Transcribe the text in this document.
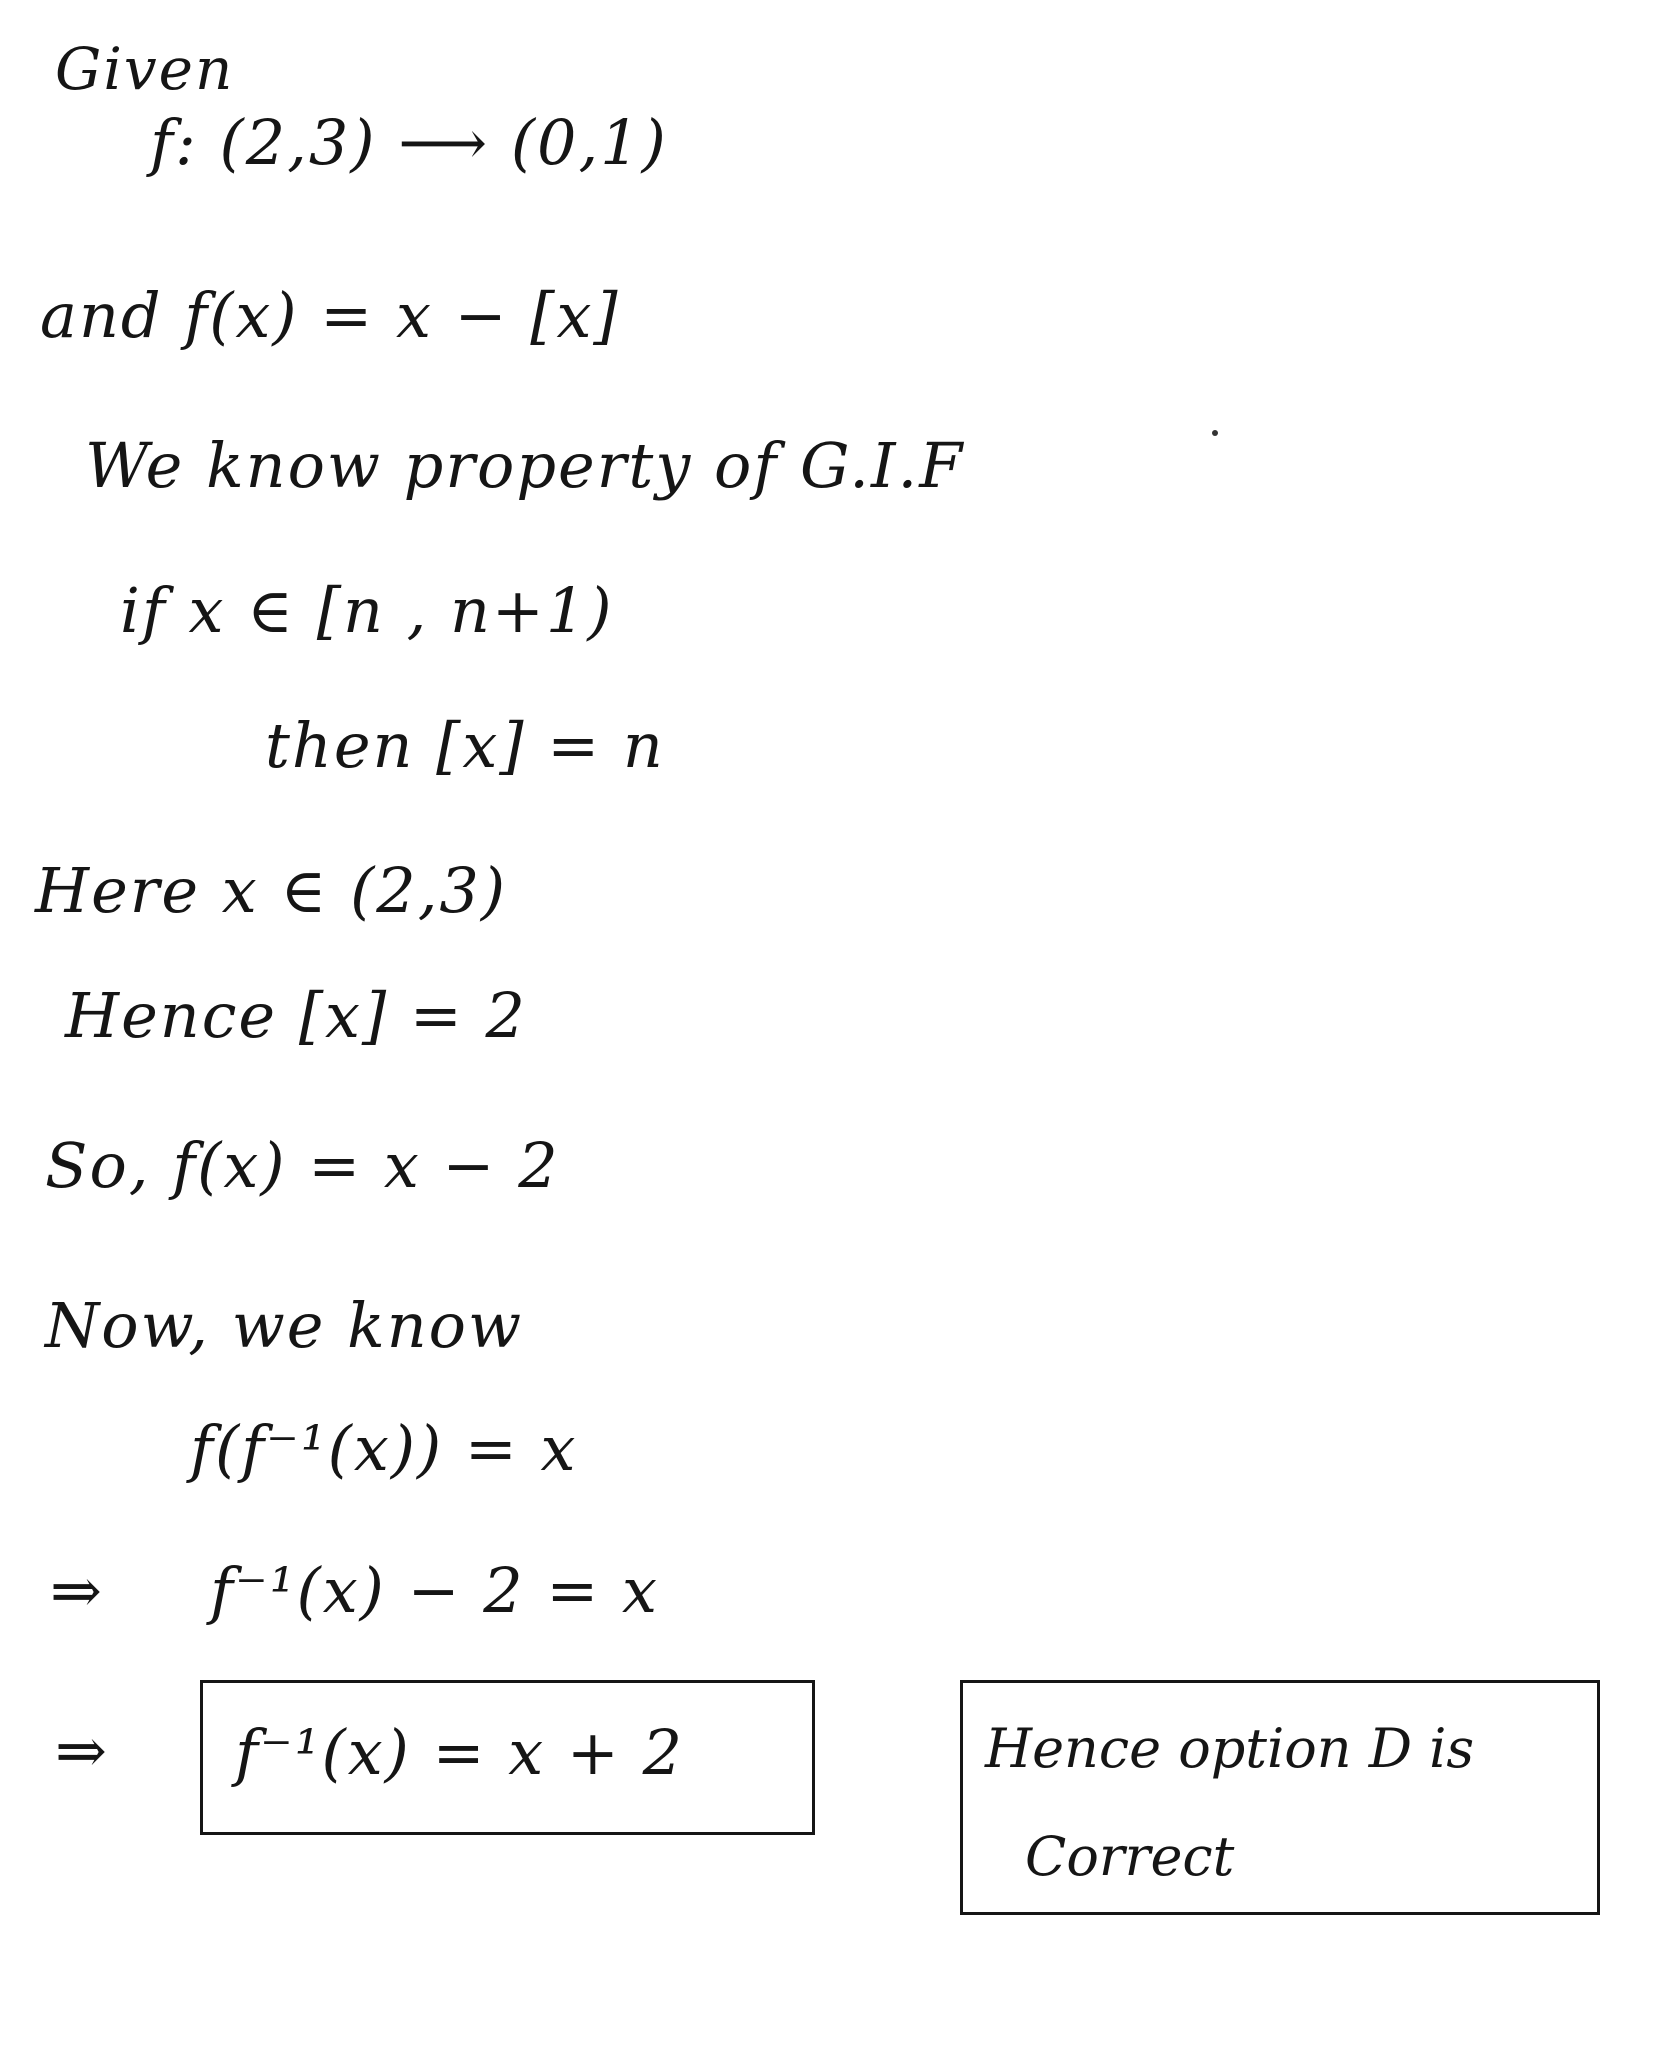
Given
f: (2,3) ⟶ (0,1)
and f(x) = x − [x]
We know property of G.I.F
if x ∈ [n , n+1)
then [x] = n
Here x ∈ (2,3)
Hence [x] = 2
So, f(x) = x − 2
Now, we know
f(f⁻¹(x)) = x
⇒ f⁻¹(x) − 2 = x
⇒ f⁻¹(x) = x + 2	Hence option D is
Correct
